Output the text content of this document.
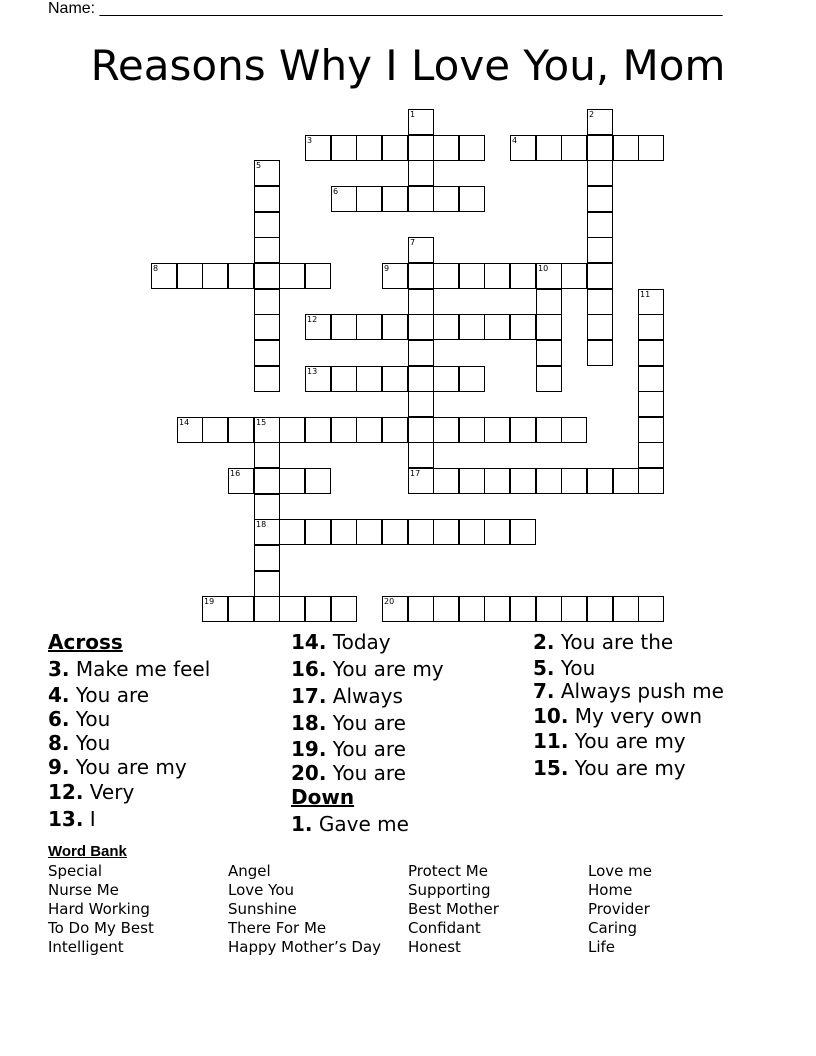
Name: ______________________________________________________________________
Reasons Why I Love You, Mom
1	2
3	4
5
6
7
8	9	10
11
12
13
14	15
18
16	17
19	20
Across
3. Make me feel
4. You are
6. You
8. You
9. You are my
12. Very
13. I
14. Today
16. You are my
17. Always
18. You are
19. You are
20. You are
Down
1. Gave me
2. You are the
5. You
7. Always push me
10. My very own
11. You are my
15. You are my
Word Bank
Special
Nurse Me
Hard Working
To Do My Best
Intelligent
Angel
Love You
Sunshine
There For Me
Happy Mother’s Day
Protect Me
Supporting
Best Mother
Confidant
Honest
Love me
Home
Provider
Caring
Life
